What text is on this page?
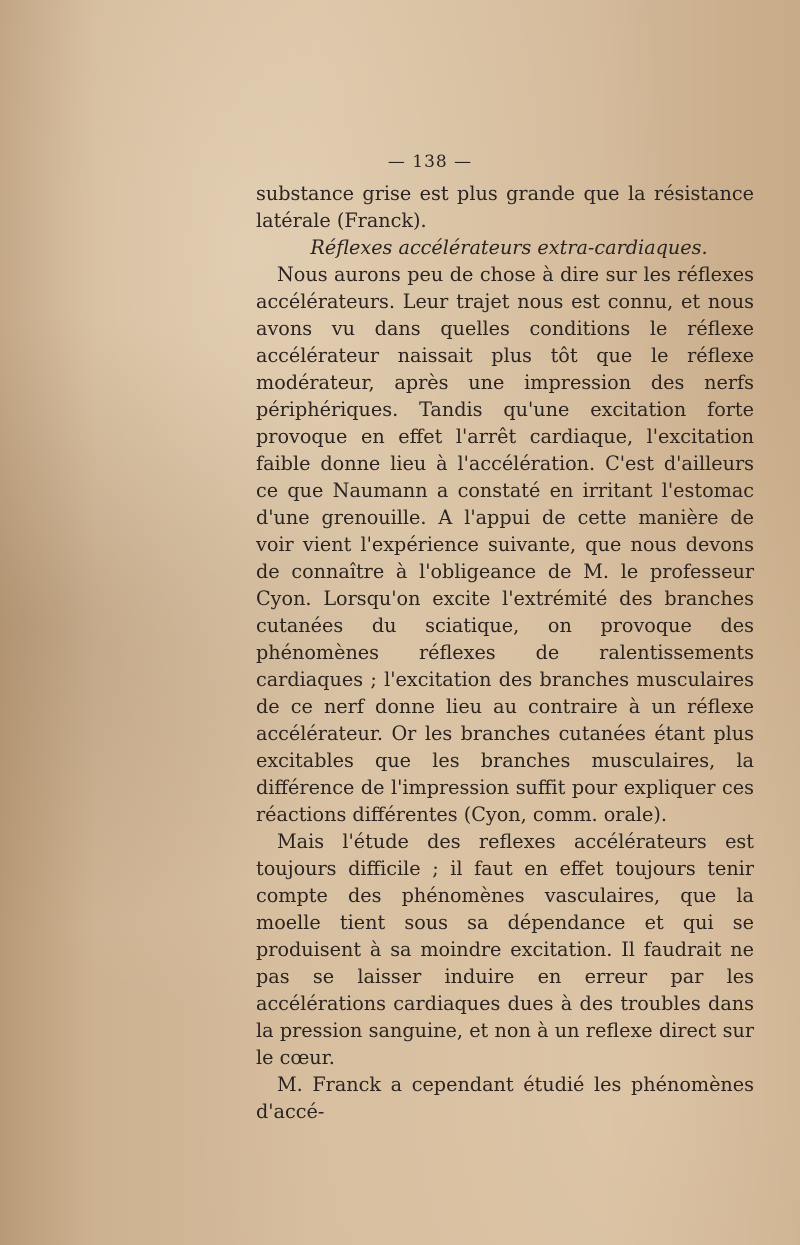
— 138 —

substance grise est plus grande que la résistance latérale (Franck).

Réflexes accélérateurs extra-cardiaques.

Nous aurons peu de chose à dire sur les réflexes accélérateurs. Leur trajet nous est connu, et nous avons vu dans quelles conditions le réflexe accélérateur naissait plus tôt que le réflexe modérateur, après une impression des nerfs périphériques. Tandis qu'une excitation forte provoque en effet l'arrêt cardiaque, l'excitation faible donne lieu à l'accélération. C'est d'ailleurs ce que Naumann a constaté en irritant l'estomac d'une grenouille. A l'appui de cette manière de voir vient l'expérience suivante, que nous devons de connaître à l'obligeance de M. le professeur Cyon. Lorsqu'on excite l'extrémité des branches cutanées du sciatique, on provoque des phénomènes réflexes de ralentissements cardiaques ; l'excitation des branches musculaires de ce nerf donne lieu au contraire à un réflexe accélérateur. Or les branches cutanées étant plus excitables que les branches musculaires, la différence de l'impression suffit pour expliquer ces réactions différentes (Cyon, comm. orale).

Mais l'étude des reflexes accélérateurs est toujours difficile ; il faut en effet toujours tenir compte des phénomènes vasculaires, que la moelle tient sous sa dépendance et qui se produisent à sa moindre excitation. Il faudrait ne pas se laisser induire en erreur par les accélérations cardiaques dues à des troubles dans la pression sanguine, et non à un reflexe direct sur le cœur.

M. Franck a cependant étudié les phénomènes d'accé-
